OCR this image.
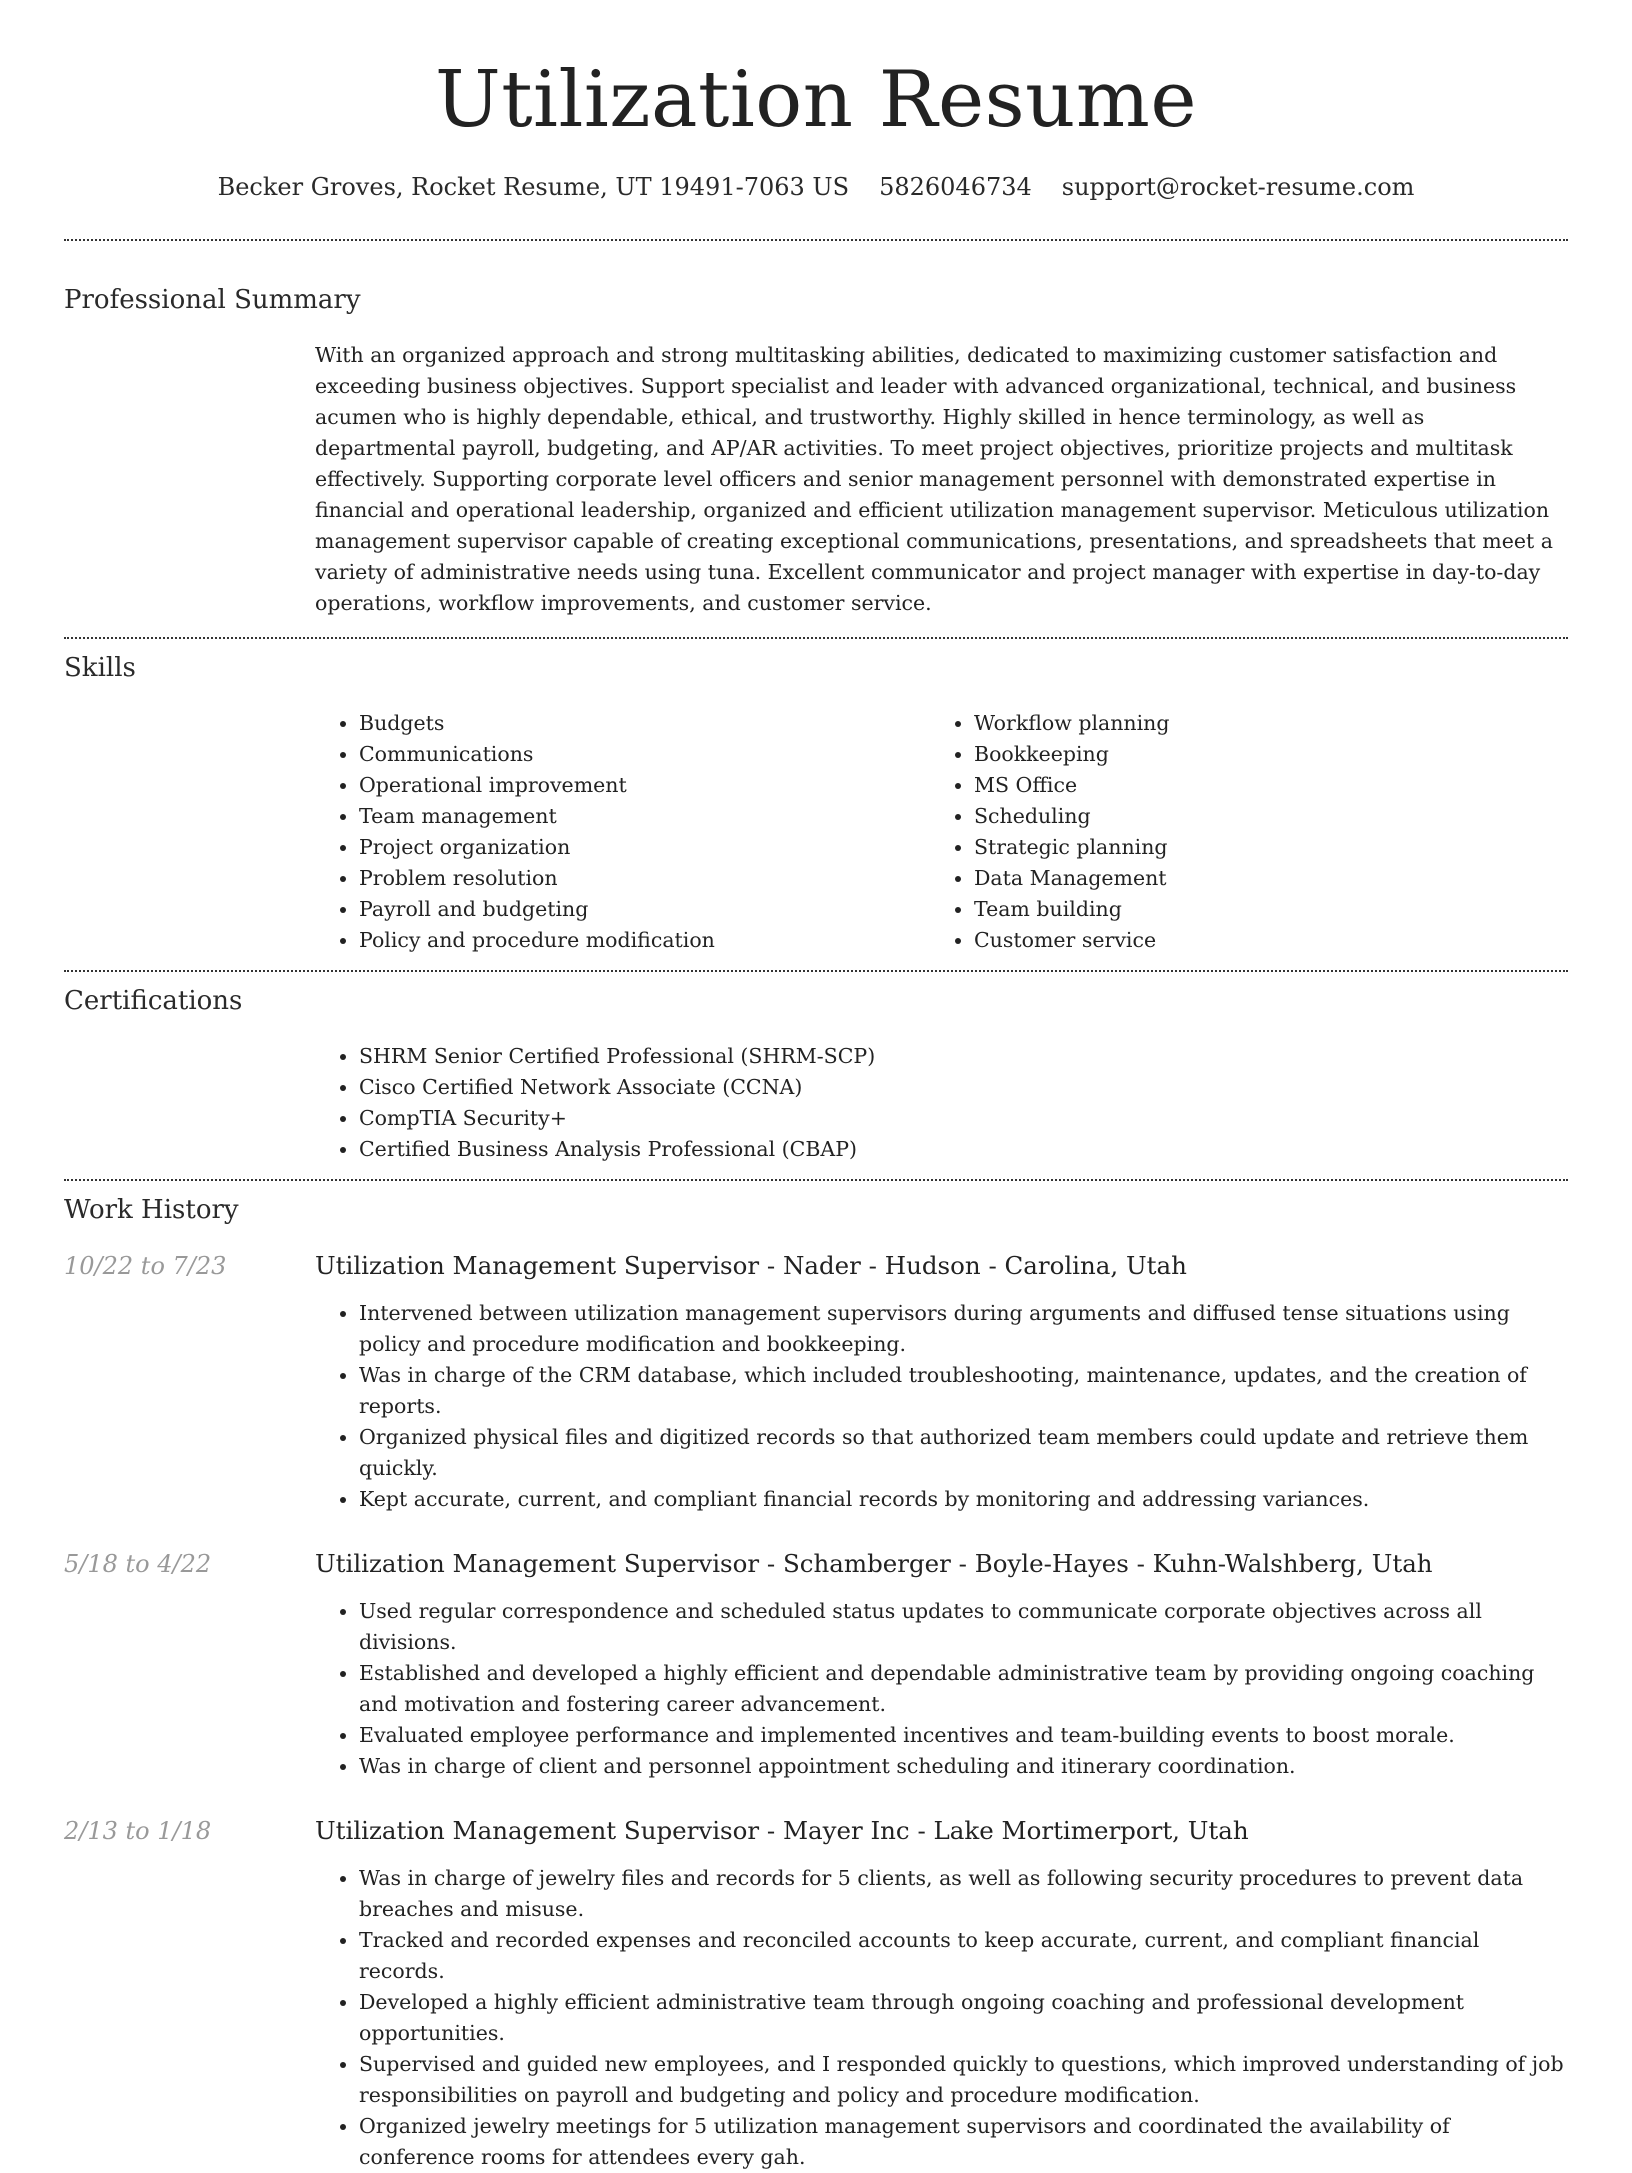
Utilization Resume
Becker Groves, Rocket Resume, UT 19491-7063 US 5826046734 support@rocket-resume.com
Professional Summary
With an organized approach and strong multitasking abilities, dedicated to maximizing customer satisfaction and exceeding business objectives. Support specialist and leader with advanced organizational, technical, and business acumen who is highly dependable, ethical, and trustworthy. Highly skilled in hence terminology, as well as departmental payroll, budgeting, and AP/AR activities. To meet project objectives, prioritize projects and multitask effectively. Supporting corporate level officers and senior management personnel with demonstrated expertise in financial and operational leadership, organized and efficient utilization management supervisor. Meticulous utilization management supervisor capable of creating exceptional communications, presentations, and spreadsheets that meet a variety of administrative needs using tuna. Excellent communicator and project manager with expertise in day-to-day operations, workflow improvements, and customer service.
Skills
• Budgets
• Communications
• Operational improvement
• Team management
• Project organization
• Problem resolution
• Payroll and budgeting
• Policy and procedure modification
• Workflow planning
• Bookkeeping
• MS Office
• Scheduling
• Strategic planning
• Data Management
• Team building
• Customer service
Certifications
• SHRM Senior Certified Professional (SHRM-SCP)
• Cisco Certified Network Associate (CCNA)
• CompTIA Security+
• Certified Business Analysis Professional (CBAP)
Work History
10/22 to 7/23	Utilization Management Supervisor - Nader - Hudson - Carolina, Utah
• Intervened between utilization management supervisors during arguments and diffused tense situations using policy and procedure modification and bookkeeping.
• Was in charge of the CRM database, which included troubleshooting, maintenance, updates, and the creation of reports.
• Organized physical files and digitized records so that authorized team members could update and retrieve them quickly.
• Kept accurate, current, and compliant financial records by monitoring and addressing variances.
5/18 to 4/22	Utilization Management Supervisor - Schamberger - Boyle-Hayes - Kuhn-Walshberg, Utah
• Used regular correspondence and scheduled status updates to communicate corporate objectives across all divisions.
• Established and developed a highly efficient and dependable administrative team by providing ongoing coaching and motivation and fostering career advancement.
• Evaluated employee performance and implemented incentives and team-building events to boost morale.
• Was in charge of client and personnel appointment scheduling and itinerary coordination.
2/13 to 1/18	Utilization Management Supervisor - Mayer Inc - Lake Mortimerport, Utah
• Was in charge of jewelry files and records for 5 clients, as well as following security procedures to prevent data breaches and misuse.
• Tracked and recorded expenses and reconciled accounts to keep accurate, current, and compliant financial records.
• Developed a highly efficient administrative team through ongoing coaching and professional development opportunities.
• Supervised and guided new employees, and I responded quickly to questions, which improved understanding of job responsibilities on payroll and budgeting and policy and procedure modification.
• Organized jewelry meetings for 5 utilization management supervisors and coordinated the availability of conference rooms for attendees every gah.
